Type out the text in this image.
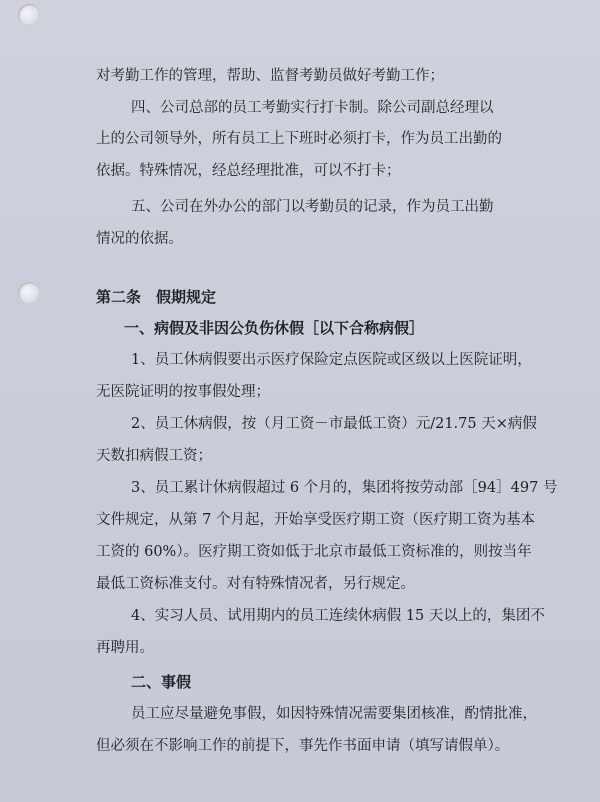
对考勤工作的管理，帮助、监督考勤员做好考勤工作；
四、公司总部的员工考勤实行打卡制。除公司副总经理以
上的公司领导外，所有员工上下班时必须打卡，作为员工出勤的
依据。特殊情况，经总经理批准，可以不打卡；
五、公司在外办公的部门以考勤员的记录，作为员工出勤
情况的依据。
第二条　假期规定
一、病假及非因公负伤休假［以下合称病假］
1、员工休病假要出示医疗保险定点医院或区级以上医院证明，
无医院证明的按事假处理；
2、员工休病假，按（月工资－市最低工资）元/21.75 天×病假
天数扣病假工资；
3、员工累计休病假超过 6 个月的，集团将按劳动部［94］497 号
文件规定，从第 7 个月起，开始享受医疗期工资（医疗期工资为基本
工资的 60%）。医疗期工资如低于北京市最低工资标准的，则按当年
最低工资标准支付。对有特殊情况者，另行规定。
4、实习人员、试用期内的员工连续休病假 15 天以上的，集团不
再聘用。
二、事假
员工应尽量避免事假，如因特殊情况需要集团核准，酌情批准，
但必须在不影响工作的前提下，事先作书面申请（填写请假单）。
